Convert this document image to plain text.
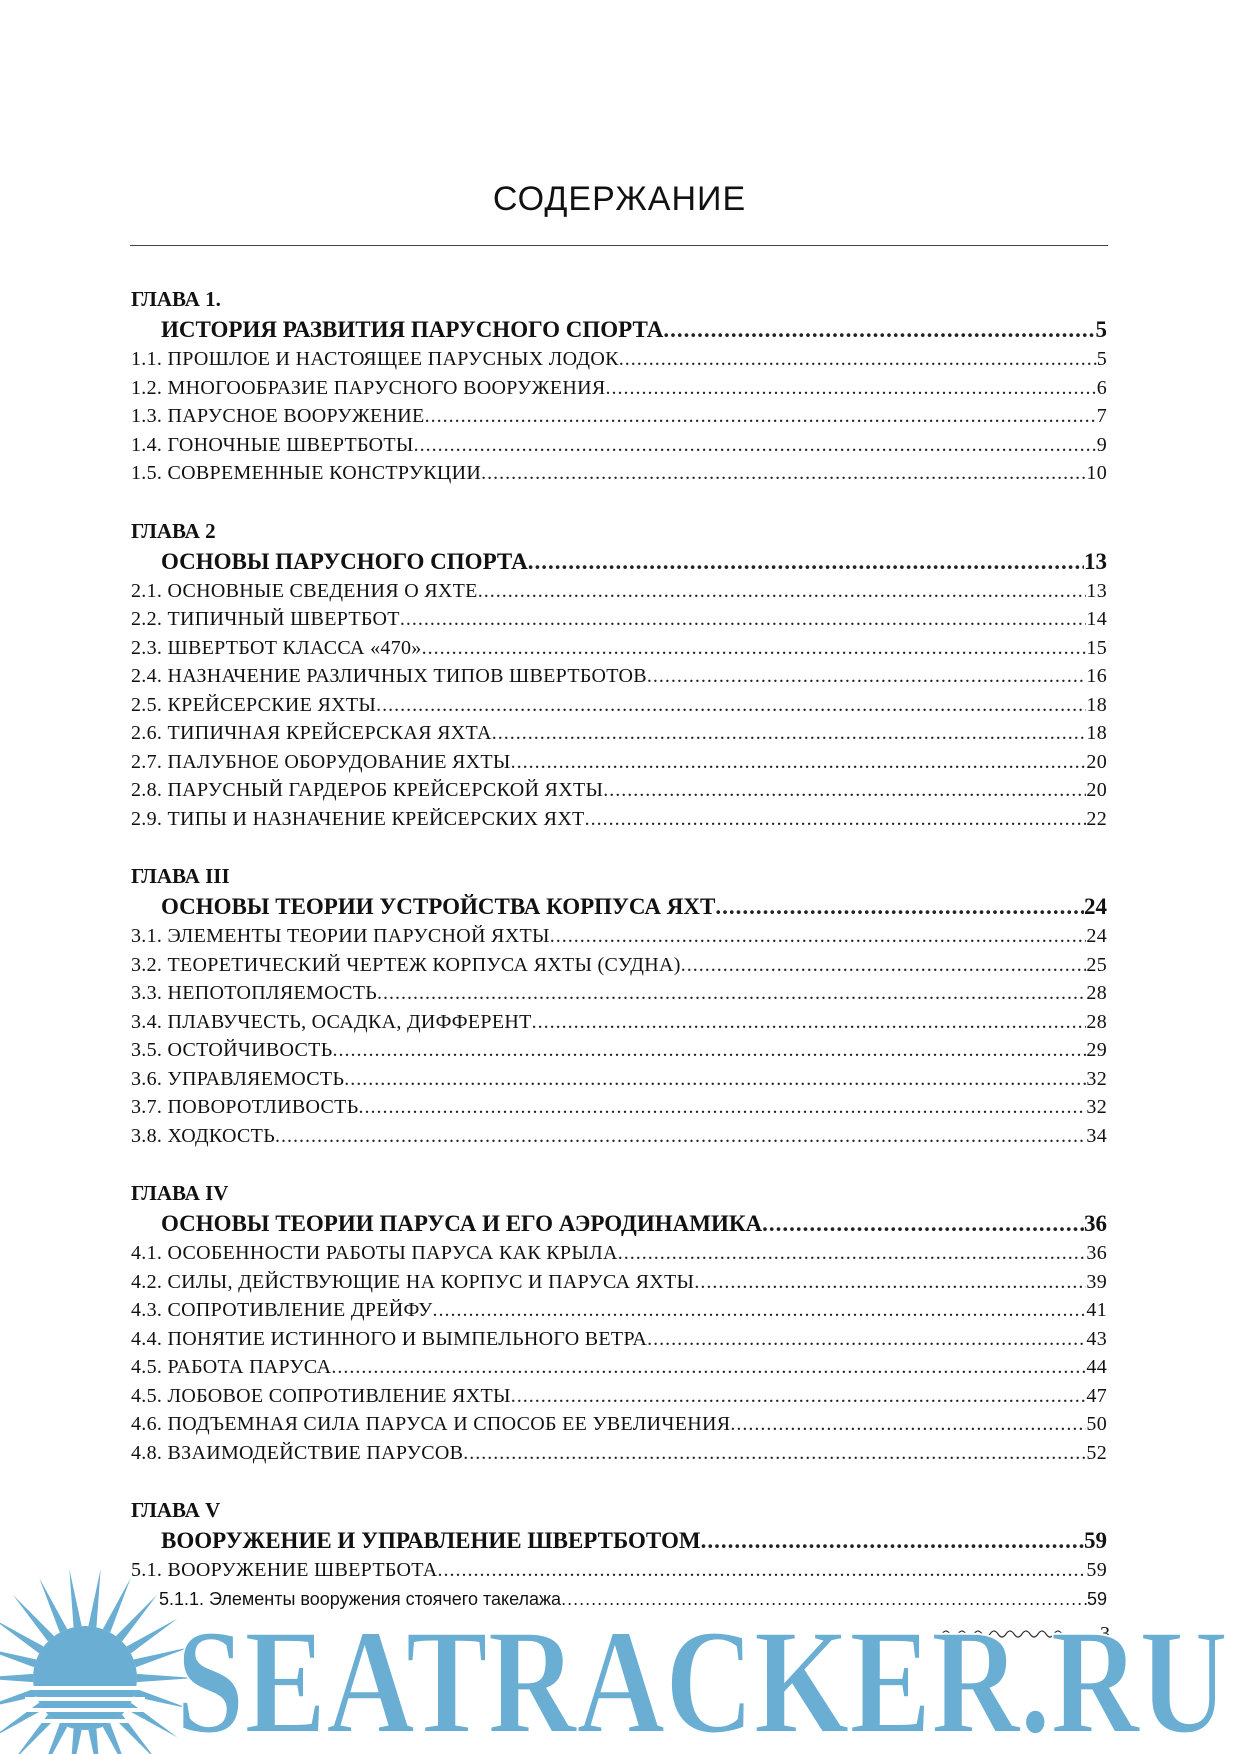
СОДЕРЖАНИЕ
ГЛАВА 1.
ИСТОРИЯ РАЗВИТИЯ ПАРУСНОГО СПОРТА .....	5
1.1. ПРОШЛОЕ И НАСТОЯЩЕЕ ПАРУСНЫХ ЛОДОК .....	5
1.2. МНОГООБРАЗИЕ ПАРУСНОГО ВООРУЖЕНИЯ .....	6
1.3. ПАРУСНОЕ ВООРУЖЕНИЕ .....	7
1.4. ГОНОЧНЫЕ ШВЕРТБОТЫ .....	9
1.5. СОВРЕМЕННЫЕ КОНСТРУКЦИИ .....	10
ГЛАВА 2
ОСНОВЫ ПАРУСНОГО СПОРТА .....	13
2.1. ОСНОВНЫЕ СВЕДЕНИЯ О ЯХТЕ .....	13
2.2. ТИПИЧНЫЙ ШВЕРТБОТ .....	14
2.3. ШВЕРТБОТ КЛАССА «470» .....	15
2.4. НАЗНАЧЕНИЕ РАЗЛИЧНЫХ ТИПОВ ШВЕРТБОТОВ .....	16
2.5. КРЕЙСЕРСКИЕ ЯХТЫ .....	18
2.6. ТИПИЧНАЯ КРЕЙСЕРСКАЯ ЯХТА .....	18
2.7. ПАЛУБНОЕ ОБОРУДОВАНИЕ ЯХТЫ .....	20
2.8. ПАРУСНЫЙ ГАРДЕРОБ КРЕЙСЕРСКОЙ ЯХТЫ .....	20
2.9. ТИПЫ И НАЗНАЧЕНИЕ КРЕЙСЕРСКИХ ЯХТ .....	22
ГЛАВА III
ОСНОВЫ ТЕОРИИ УСТРОЙСТВА КОРПУСА ЯХТ .....	24
3.1. ЭЛЕМЕНТЫ ТЕОРИИ ПАРУСНОЙ ЯХТЫ .....	24
3.2. ТЕОРЕТИЧЕСКИЙ ЧЕРТЕЖ КОРПУСА ЯХТЫ (СУДНА) .....	25
3.3. НЕПОТОПЛЯЕМОСТЬ .....	28
3.4. ПЛАВУЧЕСТЬ, ОСАДКА, ДИФФЕРЕНТ .....	28
3.5. ОСТОЙЧИВОСТЬ .....	29
3.6. УПРАВЛЯЕМОСТЬ .....	32
3.7. ПОВОРОТЛИВОСТЬ .....	32
3.8. ХОДКОСТЬ .....	34
ГЛАВА IV
ОСНОВЫ ТЕОРИИ ПАРУСА И ЕГО АЭРОДИНАМИКА .....	36
4.1. ОСОБЕННОСТИ РАБОТЫ ПАРУСА КАК КРЫЛА .....	36
4.2. СИЛЫ, ДЕЙСТВУЮЩИЕ НА КОРПУС И ПАРУСА ЯХТЫ .....	39
4.3. СОПРОТИВЛЕНИЕ ДРЕЙФУ .....	41
4.4. ПОНЯТИЕ ИСТИННОГО И ВЫМПЕЛЬНОГО ВЕТРА .....	43
4.5. РАБОТА ПАРУСА .....	44
4.5. ЛОБОВОЕ СОПРОТИВЛЕНИЕ ЯХТЫ .....	47
4.6. ПОДЪЕМНАЯ СИЛА ПАРУСА И СПОСОБ ЕЕ УВЕЛИЧЕНИЯ .....	50
4.8. ВЗАИМОДЕЙСТВИЕ ПАРУСОВ .....	52
ГЛАВА V
ВООРУЖЕНИЕ И УПРАВЛЕНИЕ ШВЕРТБОТОМ .....	59
5.1. ВООРУЖЕНИЕ ШВЕРТБОТА .....	59
5.1.1. Элементы вооружения стоячего такелажа .....	59
3
SEATRACKER.RU
